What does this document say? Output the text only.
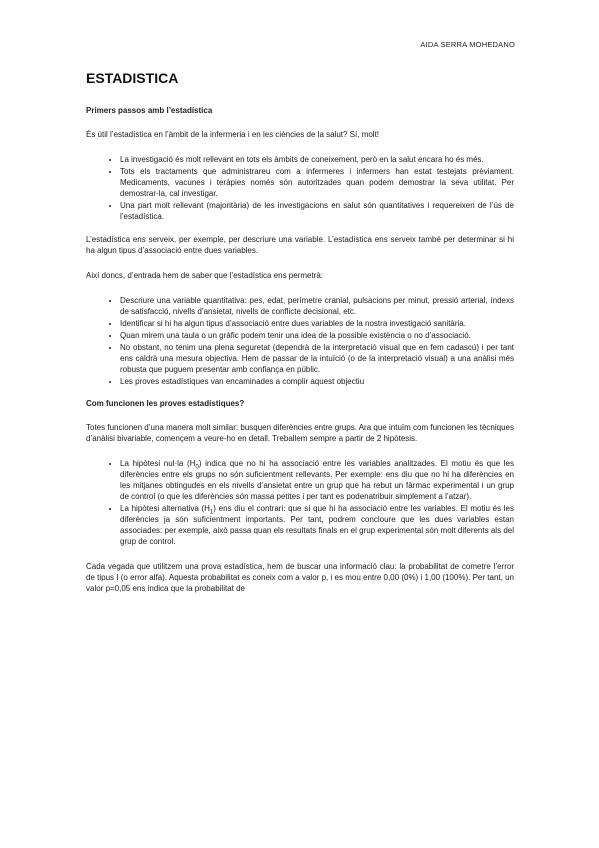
AIDA SERRA MOHEDANO
ESTADISTICA
Primers passos amb l’estadística

És útil l’estadística en l’àmbit de la infermeria i en les ciències de la salut? Sí, molt!

• La investigació és molt rellevant en tots els àmbits de coneixement, però en la salut encara ho és més.
• Tots els tractaments que administrareu com a infermeres i infermers han estat testejats prèviament. Medicaments, vacunes i teràpies només són autoritzades quan podem demostrar la seva utilitat. Per demostrar-la, cal investigar.
• Una part molt rellevant (majoritària) de les investigacions en salut són quantitatives i requereixen de l’ús de l’estadística.

L’estadística ens serveix, per exemple, per descriure una variable. L’estadística ens serveix també per determinar si hi ha algun tipus d’associació entre dues variables.

Així doncs, d’entrada hem de saber que l’estadística ens permetrà:

• Descriure una variable quantitativa: pes, edat, perímetre cranial, pulsacions per minut, pressió arterial, índexs de satisfacció, nivells d’ansietat, nivells de conflicte decisional, etc.
• Identificar si hi ha algun tipus d’associació entre dues variables de la nostra investigació sanitària.
• Quan mirem una taula o un gràfic podem tenir una idea de la possible existència o no d’associació.
• No obstant, no tenim una plena seguretat (dependrà de la interpretació visual que en fem cadascú) i per tant ens caldrà una mesura objectiva. Hem de passar de la intuïció (o de la interpretació visual) a una anàlisi més robusta que puguem presentar amb confiança en públic.
• Les proves estadístiques van encaminades a complir aquest objectiu
Com funcionen les proves estadístiques?

Totes funcionen d’una manera molt similar: busquen diferències entre grups. Ara que intuïm com funcionen les tècniques d’anàlisi bivariable, començem a veure-ho en detall. Treballem sempre a partir de 2 hipòtesis.

• La hipòtesi nul·la $(H_0)$ indica que no hi ha associació entre les variables analitzades. El motiu és que les diferències entre els grups no són suficientment rellevants. Per exemple: ens diu que no hi ha diferències en les mitjanes obtingudes en els nivells d’ansietat entre un grup que ha rebut un fàrmac experimental i un grup de control (o que les diferències són massa petites i per tant es podenatribuir simplement a l’atzar).
• La hipòtesi alternativa $(H_1)$ ens diu el contrari: que sí que hi ha associació entre les variables. El motiu és les diferències ja són suficientment importants. Per tant, podrem concloure que les dues variables estan associades: per exemple, això passa quan els resultats finals en el grup experimental són molt diferents als del grup de control.

Cada vegada que utilitzem una prova estadística, hem de buscar una informació clau: la probabilitat de cometre l’error de tipus I (o error alfa). Aquesta probabilitat es coneix com a valor p, i es mou entre 0,00 (0%) i 1,00 (100%). Per tant, un valor p=0,05 ens indica que la probabilitat de
